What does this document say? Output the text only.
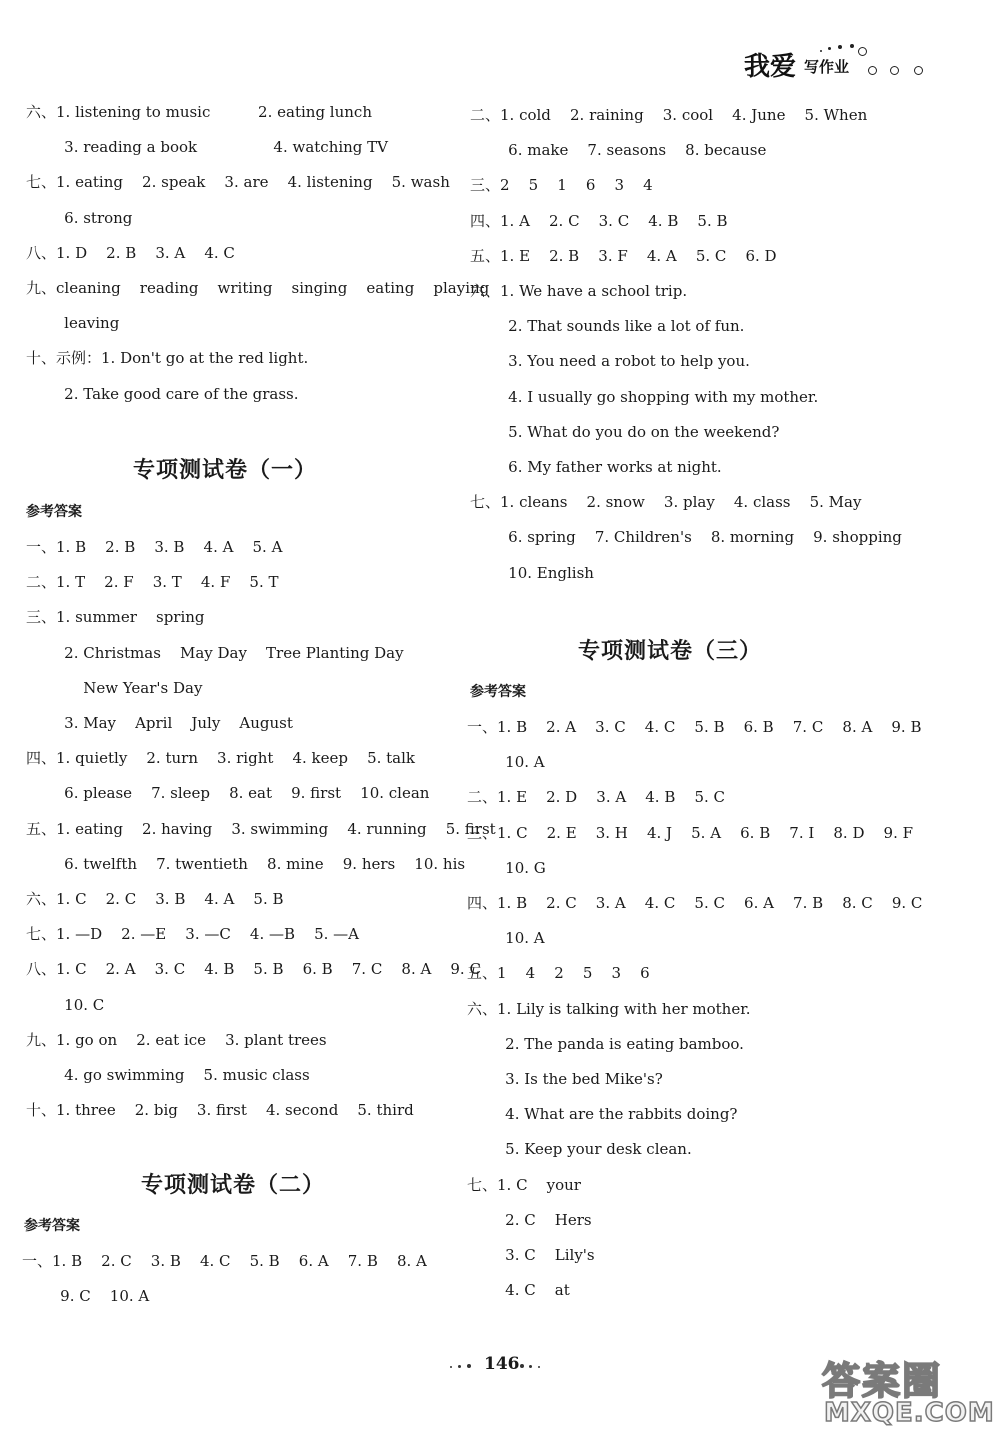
我爱 写作业
六、1. listening to music          2. eating lunch
3. reading a book                4. watching TV
七、1. eating    2. speak    3. are    4. listening    5. wash
6. strong
八、1. D    2. B    3. A    4. C
九、cleaning    reading    writing    singing    eating    playing
leaving
十、示例：1. Don't go at the red light.
2. Take good care of the grass.
专项测试卷（一）
参考答案
一、1. B    2. B    3. B    4. A    5. A
二、1. T    2. F    3. T    4. F    5. T
三、1. summer    spring
2. Christmas    May Day    Tree Planting Day
New Year's Day
3. May    April    July    August
四、1. quietly    2. turn    3. right    4. keep    5. talk
6. please    7. sleep    8. eat    9. first    10. clean
五、1. eating    2. having    3. swimming    4. running    5. first
6. twelfth    7. twentieth    8. mine    9. hers    10. his
六、1. C    2. C    3. B    4. A    5. B
七、1. —D    2. —E    3. —C    4. —B    5. —A
八、1. C    2. A    3. C    4. B    5. B    6. B    7. C    8. A    9. C
10. C
九、1. go on    2. eat ice    3. plant trees
4. go swimming    5. music class
十、1. three    2. big    3. first    4. second    5. third
专项测试卷（二）
参考答案
一、1. B    2. C    3. B    4. C    5. B    6. A    7. B    8. A
9. C    10. A
二、1. cold    2. raining    3. cool    4. June    5. When
6. make    7. seasons    8. because
三、2    5    1    6    3    4
四、1. A    2. C    3. C    4. B    5. B
五、1. E    2. B    3. F    4. A    5. C    6. D
六、1. We have a school trip.
2. That sounds like a lot of fun.
3. You need a robot to help you.
4. I usually go shopping with my mother.
5. What do you do on the weekend?
6. My father works at night.
七、1. cleans    2. snow    3. play    4. class    5. May
6. spring    7. Children's    8. morning    9. shopping
10. English
专项测试卷（三）
参考答案
一、1. B    2. A    3. C    4. C    5. B    6. B    7. C    8. A    9. B
10. A
二、1. E    2. D    3. A    4. B    5. C
三、1. C    2. E    3. H    4. J    5. A    6. B    7. I    8. D    9. F
10. G
四、1. B    2. C    3. A    4. C    5. C    6. A    7. B    8. C    9. C
10. A
五、1    4    2    5    3    6
六、1. Lily is talking with her mother.
2. The panda is eating bamboo.
3. Is the bed Mike's?
4. What are the rabbits doing?
5. Keep your desk clean.
七、1. C    your
2. C    Hers
3. C    Lily's
4. C    at
146	答案圈
MXQE.COM
